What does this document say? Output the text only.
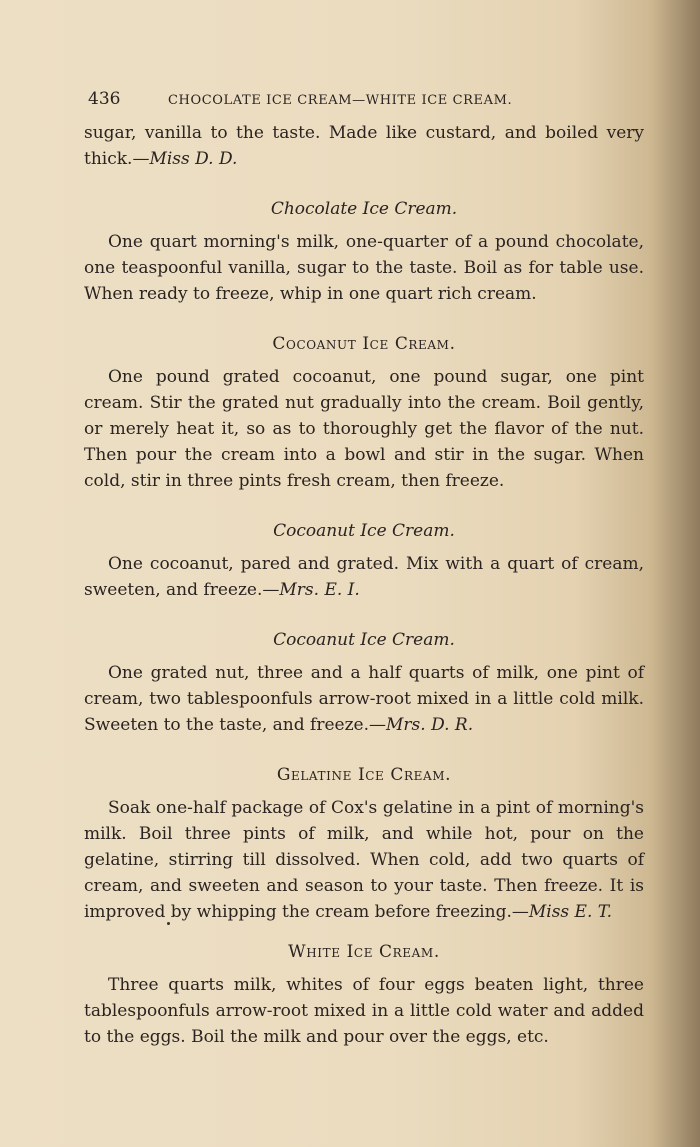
436	CHOCOLATE ICE CREAM—WHITE ICE CREAM.

sugar, vanilla to the taste. Made like custard, and boiled very thick.—Miss D. D.

Chocolate Ice Cream.

One quart morning's milk, one-quarter of a pound chocolate, one teaspoonful vanilla, sugar to the taste. Boil as for table use. When ready to freeze, whip in one quart rich cream.

Cocoanut Ice Cream.

One pound grated cocoanut, one pound sugar, one pint cream. Stir the grated nut gradually into the cream. Boil gently, or merely heat it, so as to thoroughly get the flavor of the nut. Then pour the cream into a bowl and stir in the sugar. When cold, stir in three pints fresh cream, then freeze.

Cocoanut Ice Cream.

One cocoanut, pared and grated. Mix with a quart of cream, sweeten, and freeze.—Mrs. E. I.

Cocoanut Ice Cream.

One grated nut, three and a half quarts of milk, one pint of cream, two tablespoonfuls arrow-root mixed in a little cold milk. Sweeten to the taste, and freeze.—Mrs. D. R.

Gelatine Ice Cream.

Soak one-half package of Cox's gelatine in a pint of morning's milk. Boil three pints of milk, and while hot, pour on the gelatine, stirring till dissolved. When cold, add two quarts of cream, and sweeten and season to your taste. Then freeze. It is improved by whipping the cream before freezing.—Miss E. T.

White Ice Cream.

Three quarts milk, whites of four eggs beaten light, three tablespoonfuls arrow-root mixed in a little cold water and added to the eggs. Boil the milk and pour over the eggs, etc.
